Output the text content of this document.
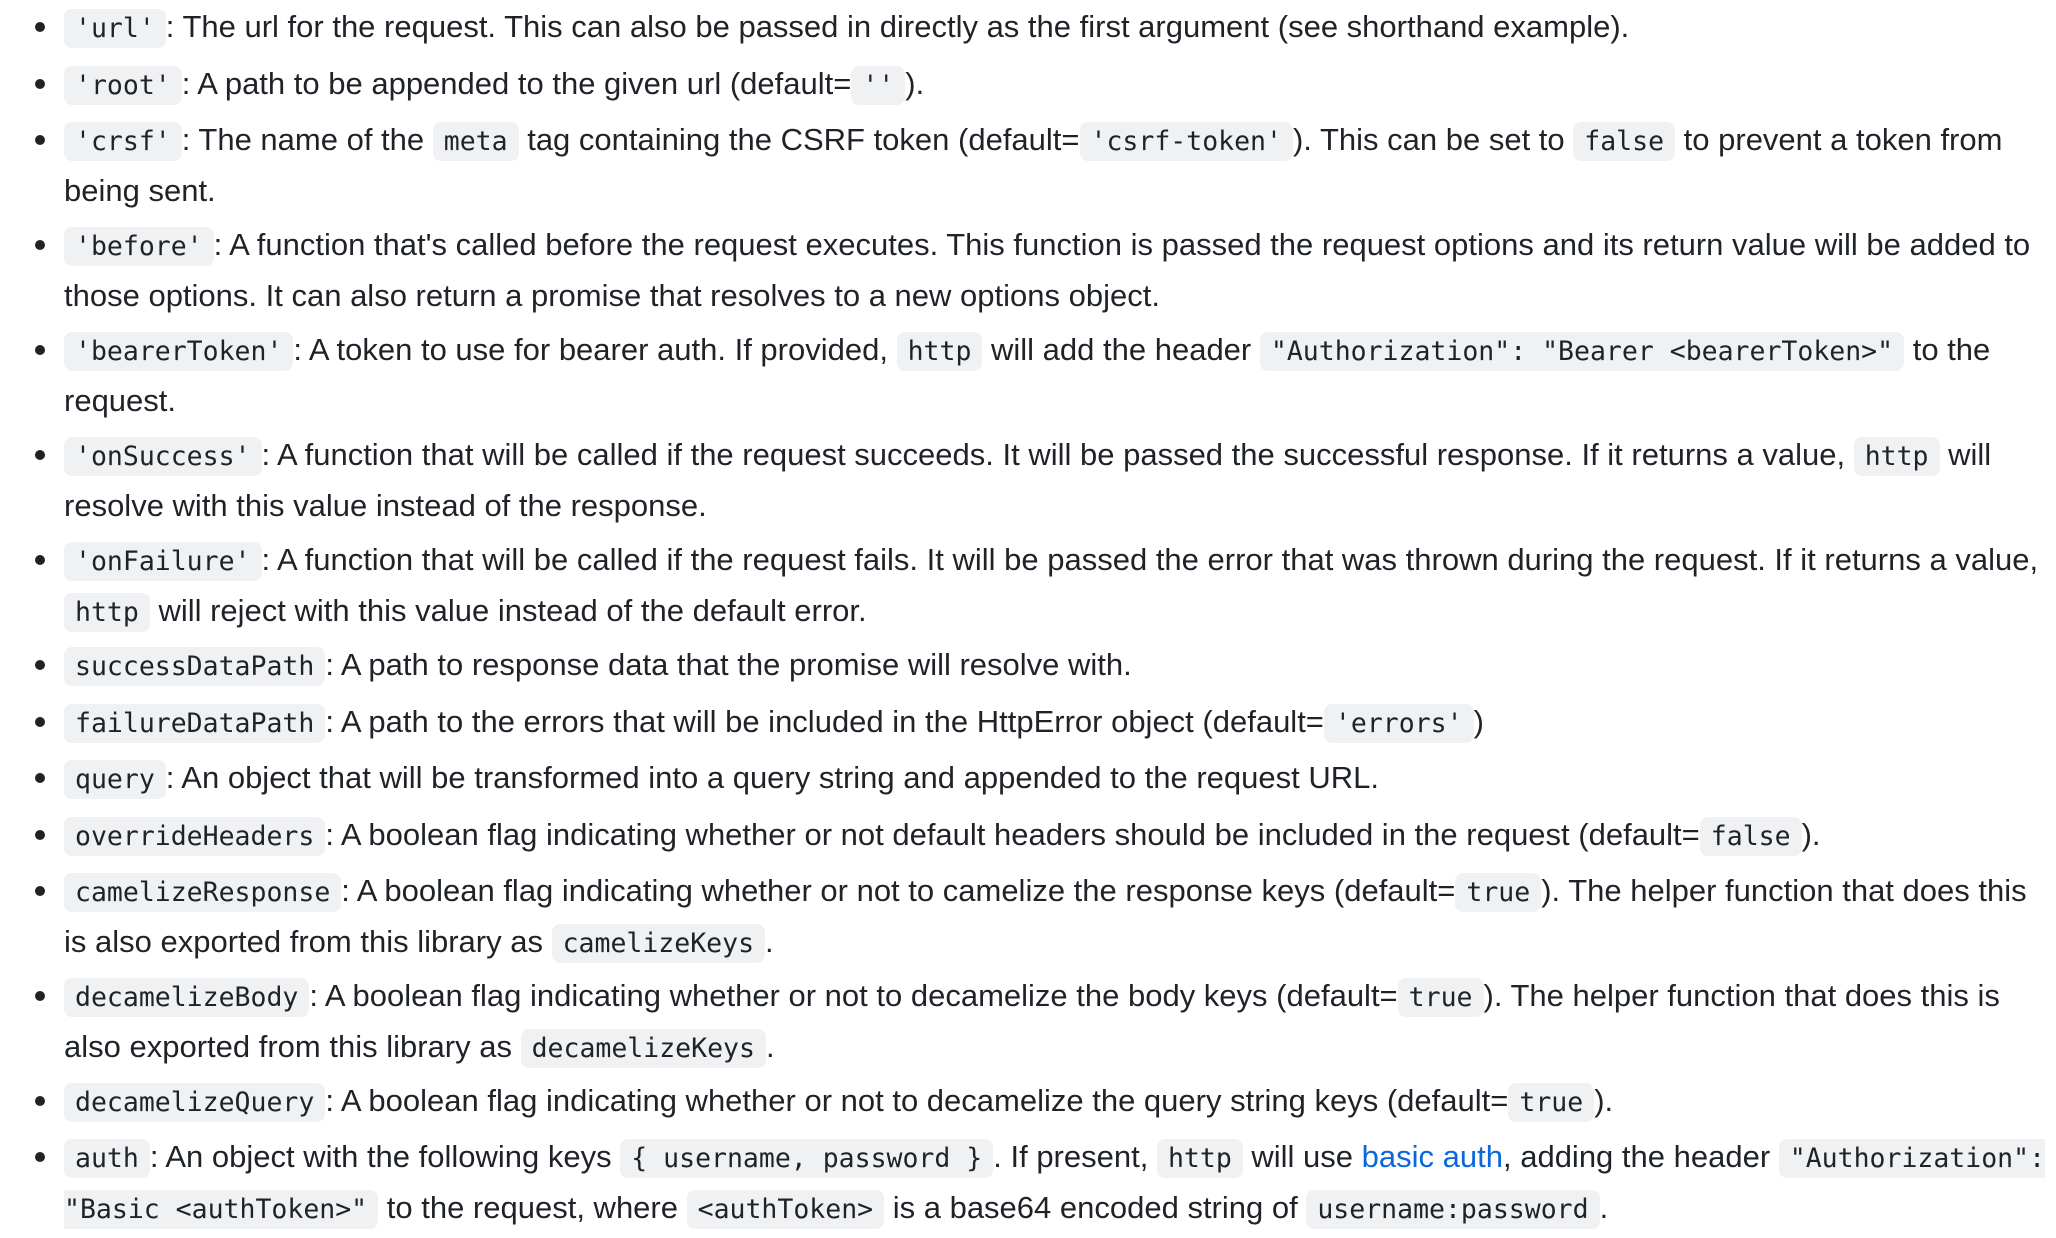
'url' : The url for the request. This can also be passed in directly as the first argument (see shorthand example).
'root' : A path to be appended to the given url (default= '' ).
'crsf' : The name of the meta tag containing the CSRF token (default= 'csrf-token' ). This can be set to false to prevent a token from being sent.
'before' : A function that's called before the request executes. This function is passed the request options and its return value will be added to those options. It can also return a promise that resolves to a new options object.
'bearerToken' : A token to use for bearer auth. If provided, http will add the header "Authorization": "Bearer <bearerToken>" to the request.
'onSuccess' : A function that will be called if the request succeeds. It will be passed the successful response. If it returns a value, http will resolve with this value instead of the response.
'onFailure' : A function that will be called if the request fails. It will be passed the error that was thrown during the request. If it returns a value, http will reject with this value instead of the default error.
successDataPath : A path to response data that the promise will resolve with.
failureDataPath : A path to the errors that will be included in the HttpError object (default= 'errors' )
query : An object that will be transformed into a query string and appended to the request URL.
overrideHeaders : A boolean flag indicating whether or not default headers should be included in the request (default= false ).
camelizeResponse : A boolean flag indicating whether or not to camelize the response keys (default= true ). The helper function that does this is also exported from this library as camelizeKeys .
decamelizeBody : A boolean flag indicating whether or not to decamelize the body keys (default= true ). The helper function that does this is also exported from this library as decamelizeKeys .
decamelizeQuery : A boolean flag indicating whether or not to decamelize the query string keys (default= true ).
auth : An object with the following keys { username, password } . If present, http will use basic auth, adding the header "Authorization": "Basic <authToken>" to the request, where <authToken> is a base64 encoded string of username:password .
